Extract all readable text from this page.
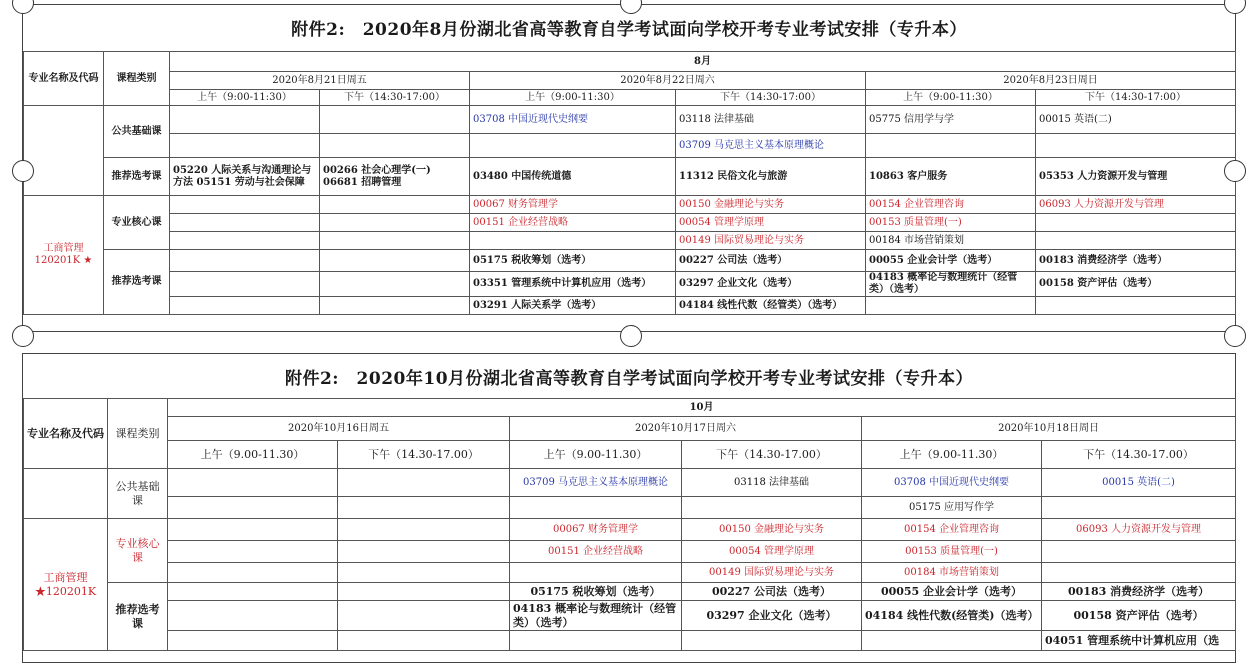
附件2:　2020年8月份湖北省高等教育自学考试面向学校开考专业考试安排（专升本）
专业名称及代码	课程类别	8月					
		2020年8月21日周五		2020年8月22日周六		2020年8月23日周日	
		上午（9:00-11:30）	下午（14:30-17:00）	上午（9:00-11:30）	下午（14:30-17:00）	上午（9:00-11:30）	下午（14:30-17:00）
	公共基础课			03708 中国近现代史纲要	03118 法律基础	05775 信用学与学	00015 英语(二)
					03709 马克思主义基本原理概论		
	推荐选考课	05220 人际关系与沟通理论与方法 05151 劳动与社会保障	00266 社会心理学(一) 06681 招聘管理	03480 中国传统道德	11312 民俗文化与旅游	10863 客户服务	05353 人力资源开发与管理
工商管理 120201K ★	专业核心课			00067 财务管理学	00150 金融理论与实务	00154 企业管理咨询	06093 人力资源开发与管理
				00151 企业经营战略	00054 管理学原理	00153 质量管理(一)	
					00149 国际贸易理论与实务	00184 市场营销策划	
	推荐选考课			05175 税收筹划（选考）	00227 公司法（选考）	00055 企业会计学（选考）	00183 消费经济学（选考）
				03351 管理系统中计算机应用（选考）	03297 企业文化（选考）	04183 概率论与数理统计（经管类）（选考）	00158 资产评估（选考）
				03291 人际关系学（选考）	04184 线性代数（经管类）（选考）		
附件2:　2020年10月份湖北省高等教育自学考试面向学校开考专业考试安排（专升本）
专业名称及代码	课程类别	10月					
		2020年10月16日周五		2020年10月17日周六		2020年10月18日周日	
		上午（9.00-11.30）	下午（14.30-17.00）	上午（9.00-11.30）	下午（14.30-17.00）	上午（9.00-11.30）	下午（14.30-17.00）
	公共基础课			03709 马克思主义基本原理概论	03118 法律基础	03708 中国近现代史纲要	00015 英语(二)
						05175 应用写作学	
工商管理 ★120201K	专业核心课			00067 财务管理学	00150 金融理论与实务	00154 企业管理咨询	06093 人力资源开发与管理
				00151 企业经营战略	00054 管理学原理	00153 质量管理(一)	
					00149 国际贸易理论与实务	00184 市场营销策划	
	推荐选考课			05175 税收筹划（选考）	00227 公司法（选考）	00055 企业会计学（选考）	00183 消费经济学（选考）
				04183 概率论与数理统计（经管类）（选考）	03297 企业文化（选考）	04184 线性代数(经管类)（选考）	00158 资产评估（选考）
							04051 管理系统中计算机应用（选
